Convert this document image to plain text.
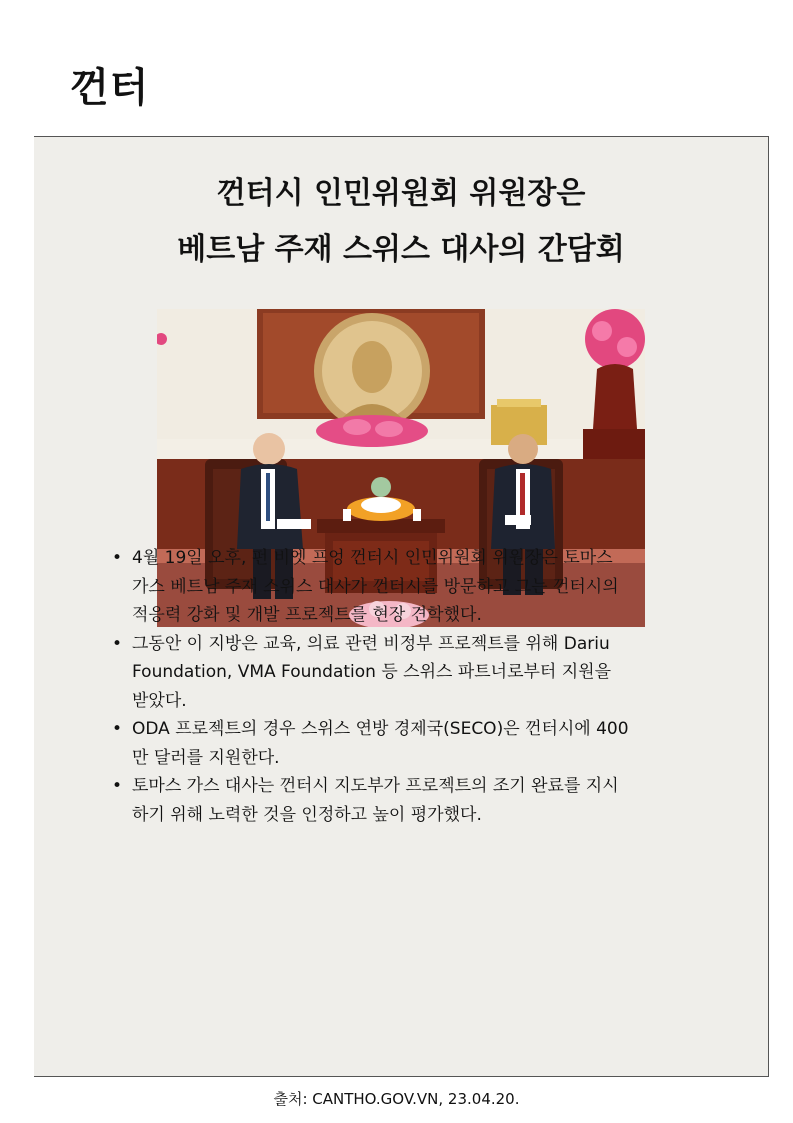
껀터
껀터시 인민위원회 위원장은
베트남 주재 스위스 대사의 간담회
• 4월 19일 오후, 펀 비엣 프엉 껀터시 인민위원회 위원장은 토마스 가스 베트남 주재 스위스 대사가 껀터시를 방문하고 그는 껀터시의 적응력 강화 및 개발 프로젝트를 현장 견학했다.
• 그동안 이 지방은 교육, 의료 관련 비정부 프로젝트를 위해 Dariu Foundation, VMA Foundation 등 스위스 파트너로부터 지원을 받았다.
• ODA 프로젝트의 경우 스위스 연방 경제국(SECO)은 껀터시에 400만 달러를 지원한다.
• 토마스 가스 대사는 껀터시 지도부가 프로젝트의 조기 완료를 지시하기 위해 노력한 것을 인정하고 높이 평가했다.
출처: CANTHO.GOV.VN, 23.04.20.
